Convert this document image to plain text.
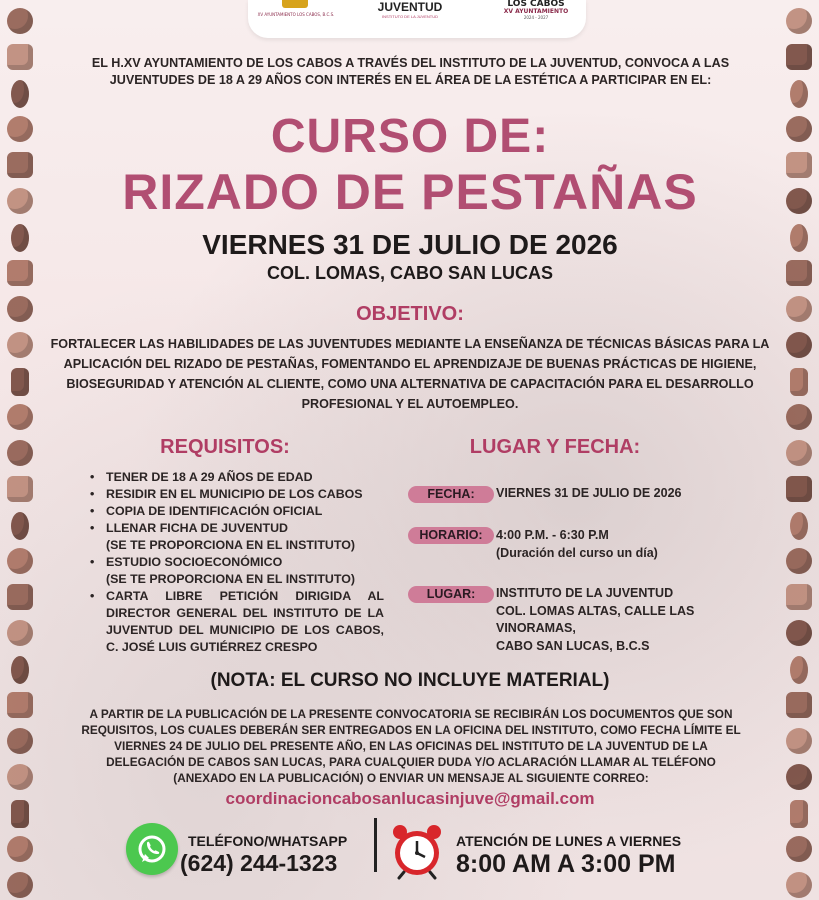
XV AYUNTAMIENTO LOS CABOS, B.C.S.
JUVENTUD
INSTITUTO DE LA JUVENTUD
LOS CABOS
XV AYUNTAMIENTO
2024 - 2027
EL H.XV AYUNTAMIENTO DE LOS CABOS A TRAVÉS DEL INSTITUTO DE LA JUVENTUD, CONVOCA A LAS JUVENTUDES DE 18 A 29 AÑOS CON INTERÉS EN EL ÁREA DE LA ESTÉTICA A PARTICIPAR EN EL:
CURSO DE:
RIZADO DE PESTAÑAS
VIERNES 31 DE JULIO DE 2026
COL. LOMAS, CABO SAN LUCAS
OBJETIVO:
FORTALECER LAS HABILIDADES DE LAS JUVENTUDES MEDIANTE LA ENSEÑANZA DE TÉCNICAS BÁSICAS PARA LA APLICACIÓN DEL RIZADO DE PESTAÑAS, FOMENTANDO EL APRENDIZAJE DE BUENAS PRÁCTICAS DE HIGIENE, BIOSEGURIDAD Y ATENCIÓN AL CLIENTE, COMO UNA ALTERNATIVA DE CAPACITACIÓN PARA EL DESARROLLO PROFESIONAL Y EL AUTOEMPLEO.
REQUISITOS:	LUGAR Y FECHA:
• TENER DE 18 A 29 AÑOS DE EDAD
• RESIDIR EN EL MUNICIPIO DE LOS CABOS
• COPIA DE IDENTIFICACIÓN OFICIAL
• LLENAR FICHA DE JUVENTUD
(SE TE PROPORCIONA EN EL INSTITUTO)
• ESTUDIO SOCIOECONÓMICO
(SE TE PROPORCIONA EN EL INSTITUTO)
• CARTA LIBRE PETICIÓN DIRIGIDA AL DIRECTOR GENERAL DEL INSTITUTO DE LA JUVENTUD DEL MUNICIPIO DE LOS CABOS, C. JOSÉ LUIS GUTIÉRREZ CRESPO
FECHA:	VIERNES 31 DE JULIO DE 2026
HORARIO:	4:00 P.M. - 6:30 P.M
(Duración del curso un día)
LUGAR:	INSTITUTO DE LA JUVENTUD
COL. LOMAS ALTAS, CALLE LAS VINORAMAS,
CABO SAN LUCAS, B.C.S
(NOTA: EL CURSO NO INCLUYE MATERIAL)
A PARTIR DE LA PUBLICACIÓN DE LA PRESENTE CONVOCATORIA SE RECIBIRÁN LOS DOCUMENTOS QUE SON REQUISITOS, LOS CUALES DEBERÁN SER ENTREGADOS EN LA OFICINA DEL INSTITUTO, COMO FECHA LÍMITE EL VIERNES 24 DE JULIO DEL PRESENTE AÑO, EN LAS OFICINAS DEL INSTITUTO DE LA JUVENTUD DE LA DELEGACIÓN DE CABOS SAN LUCAS, PARA CUALQUIER DUDA Y/O ACLARACIÓN LLAMAR AL TELÉFONO (ANEXADO EN LA PUBLICACIÓN) O ENVIAR UN MENSAJE AL SIGUIENTE CORREO:
coordinacioncabosanlucasinjuve@gmail.com
TELÉFONO/WHATSAPP
(624) 244-1323
ATENCIÓN DE LUNES A VIERNES
8:00 AM A 3:00 PM
